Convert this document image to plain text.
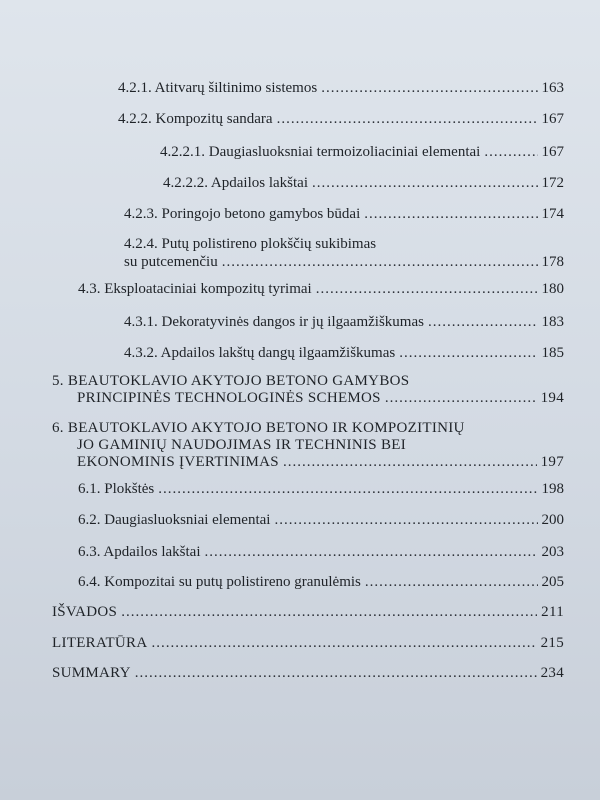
4.2.1. Atitvarų šiltinimo sistemos .....	163
4.2.2. Kompozitų sandara .....	167
4.2.2.1. Daugiasluoksniai termoizoliaciniai elementai .....	167
4.2.2.2. Apdailos lakštai .....	172
4.2.3. Poringojo betono gamybos būdai .....	174
4.2.4. Putų polistireno plokščių sukibimas
su putcemenčiu .....	178
4.3. Eksploataciniai kompozitų tyrimai .....	180
4.3.1. Dekoratyvinės dangos ir jų ilgaamžiškumas .....	183
4.3.2. Apdailos lakštų dangų ilgaamžiškumas .....	185
5. BEAUTOKLAVIO AKYTOJO BETONO GAMYBOS
PRINCIPINĖS TECHNOLOGINĖS SCHEMOS .....	194
6. BEAUTOKLAVIO AKYTOJO BETONO IR KOMPOZITINIŲ
JO GAMINIŲ NAUDOJIMAS IR TECHNINIS BEI
EKONOMINIS ĮVERTINIMAS .....	197
6.1. Plokštės .....	198
6.2. Daugiasluoksniai elementai .....	200
6.3. Apdailos lakštai .....	203
6.4. Kompozitai su putų polistireno granulėmis .....	205
IŠVADOS .....	211
LITERATŪRA .....	215
SUMMARY .....	234
